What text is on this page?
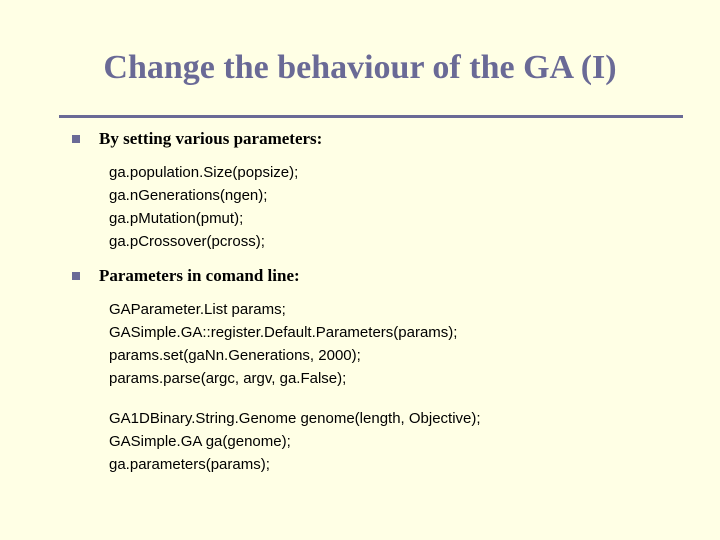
Change the behaviour of the GA (I)
By setting various parameters:
ga.population.Size(popsize);
ga.nGenerations(ngen);
ga.pMutation(pmut);
ga.pCrossover(pcross);
Parameters in comand line:
GAParameter.List params;
GASimple.GA::register.Default.Parameters(params);
params.set(gaNn.Generations, 2000);
params.parse(argc, argv, ga.False);
GA1DBinary.String.Genome genome(length, Objective);
GASimple.GA ga(genome);
ga.parameters(params);
